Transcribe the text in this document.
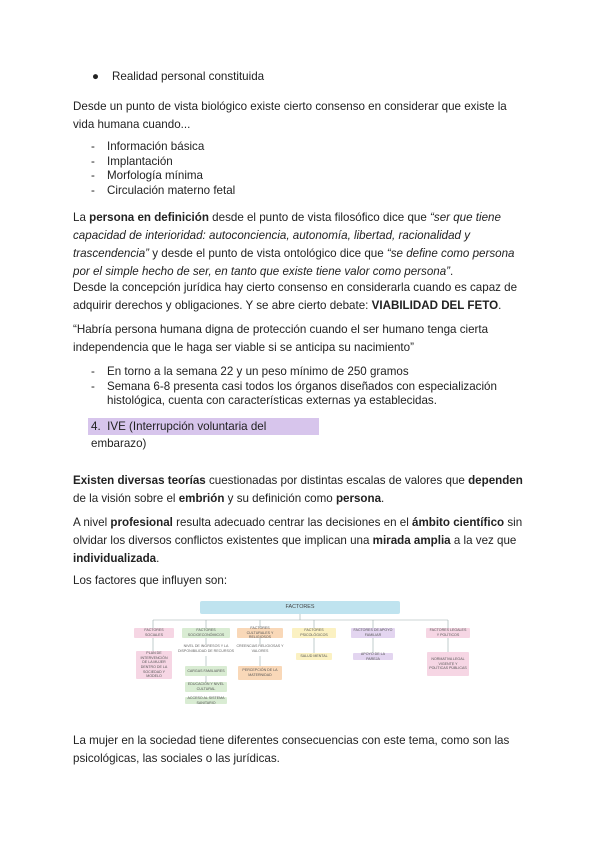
● Realidad personal constituida

Desde un punto de vista biológico existe cierto consenso en considerar que existe la vida humana cuando...

- Información básica
- Implantación
- Morfología mínima
- Circulación materno fetal

La persona en definición desde el punto de vista filosófico dice que “ser que tiene capacidad de interioridad: autoconciencia, autonomía, libertad, racionalidad y trascendencia” y desde el punto de vista ontológico dice que “se define como persona por el simple hecho de ser, en tanto que existe tiene valor como persona”.

Desde la concepción jurídica hay cierto consenso en considerarla cuando es capaz de adquirir derechos y obligaciones. Y se abre cierto debate: VIABILIDAD DEL FETO.

“Habría persona humana digna de protección cuando el ser humano tenga cierta independencia que le haga ser viable si se anticipa su nacimiento”

- En torno a la semana 22 y un peso mínimo de 250 gramos
- Semana 6-8 presenta casi todos los órganos diseñados con especialización histológica, cuenta con características externas ya establecidas.
4. IVE (Interrupción voluntaria del embarazo)

Existen diversas teorías cuestionadas por distintas escalas de valores que dependen de la visión sobre el embrión y su definición como persona.

A nivel profesional resulta adecuado centrar las decisiones en el ámbito científico sin olvidar los diversos conflictos existentes que implican una mirada amplia a la vez que individualizada.

Los factores que influyen son:

FACTORES
FACTORES SOCIALES
PLAN DE INTERVENCIÓN DE LA MUJER DENTRO DE LA SOCIEDAD Y MODELO
FACTORES SOCIOECONÓMICOS
NIVEL DE INGRESOS Y LA DISPONIBILIDAD DE RECURSOS
CARGAS FAMILIARES
EDUCACIÓN Y NIVEL CULTURAL
ACCESO AL SISTEMA SANITARIO
FACTORES CULTURALES Y RELIGIOSOS
CREENCIAS RELIGIOSAS Y VALORES
PERCEPCIÓN DE LA MATERNIDAD
FACTORES PSICOLÓGICOS
SALUD MENTAL
FACTORES DE APOYO FAMILIAR
APOYO DE LA PAREJA
FACTORES LEGALES Y POLÍTICOS
NORMATIVA LEGAL VIGENTE Y POLÍTICAS PÚBLICAS

La mujer en la sociedad tiene diferentes consecuencias con este tema, como son las psicológicas, las sociales o las jurídicas.
